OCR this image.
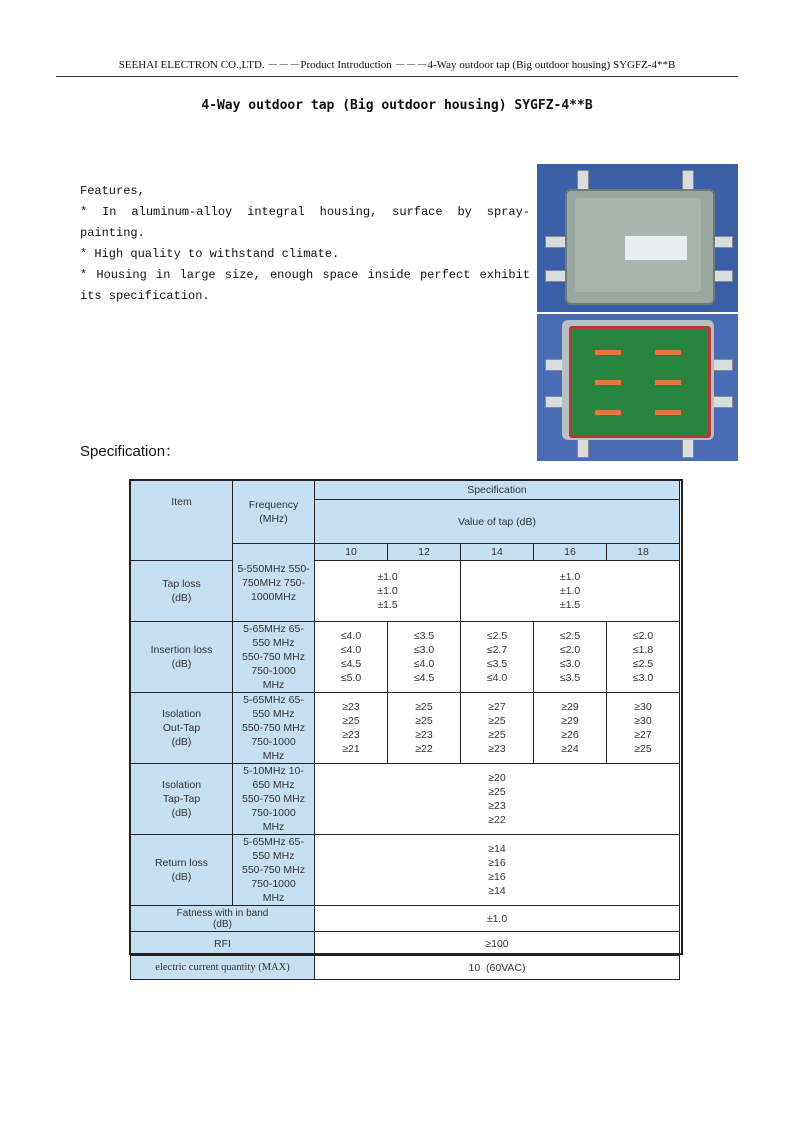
SEEHAI ELECTRON CO.,LTD. －－－Product Introduction －－－4-Way outdoor tap (Big outdoor housing) SYGFZ-4**B
4-Way outdoor tap (Big outdoor housing) SYGFZ-4**B
Features,
* In aluminum-alloy integral housing, surface by spray-painting.
* High quality to withstand climate.
* Housing in large size, enough space inside perfect exhibit its specification.
Specification：
Item	Frequency (MHz)	Specification				
		Value of tap (dB)				
	5-550MHz 550-750MHz 750-1000MHz	10	12	14	16	18
Tap loss (dB)		±1.0 ±1.0 ±1.5		±1.0 ±1.0 ±1.5		
Insertion loss (dB)	5-65MHz 65-550 MHz 550-750 MHz 750-1000 MHz	≤4.0 ≤4.0 ≤4.5 ≤5.0	≤3.5 ≤3.0 ≤4.0 ≤4.5	≤2.5 ≤2.7 ≤3.5 ≤4.0	≤2.5 ≤2.0 ≤3.0 ≤3.5	≤2.0 ≤1.8 ≤2.5 ≤3.0
Isolation Out-Tap (dB)	5-65MHz 65-550 MHz 550-750 MHz 750-1000 MHz	≥23 ≥25 ≥23 ≥21	≥25 ≥25 ≥23 ≥22	≥27 ≥25 ≥25 ≥23	≥29 ≥29 ≥26 ≥24	≥30 ≥30 ≥27 ≥25
Isolation Tap-Tap (dB)	5-10MHz 10-650 MHz 550-750 MHz 750-1000 MHz	≥20 ≥25 ≥23 ≥22				
Return loss (dB)	5-65MHz 65-550 MHz 550-750 MHz 750-1000 MHz	≥14 ≥16 ≥16 ≥14				
Fatness with in band (dB)		±1.0				
RFI		≥100				
electric current quantity (MAX)		10  (60VAC)				
